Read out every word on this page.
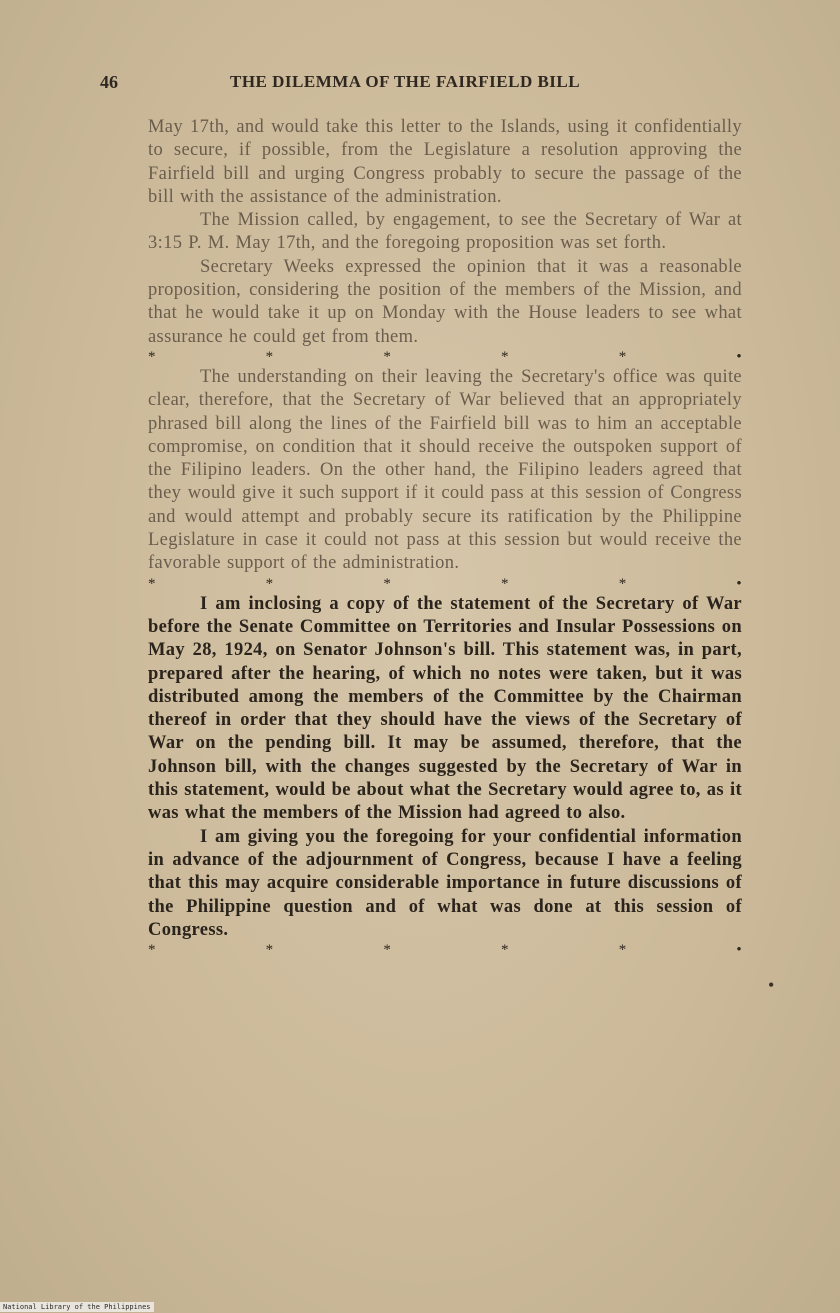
46	THE DILEMMA OF THE FAIRFIELD BILL

May 17th, and would take this letter to the Islands, using it confidentially to secure, if possible, from the Legislature a resolution approving the Fairfield bill and urging Congress probably to secure the passage of the bill with the assistance of the administration.

The Mission called, by engagement, to see the Secretary of War at 3:15 P. M. May 17th, and the foregoing proposition was set forth.

Secretary Weeks expressed the opinion that it was a reasonable proposition, considering the position of the members of the Mission, and that he would take it up on Monday with the House leaders to see what assurance he could get from them.

*	*	*	*	*	•

The understanding on their leaving the Secretary's office was quite clear, therefore, that the Secretary of War believed that an appropriately phrased bill along the lines of the Fairfield bill was to him an acceptable compromise, on condition that it should receive the outspoken support of the Filipino leaders. On the other hand, the Filipino leaders agreed that they would give it such support if it could pass at this session of Congress and would attempt and probably secure its ratification by the Philippine Legislature in case it could not pass at this session but would receive the favorable support of the administration.

*	*	*	*	*	•

I am inclosing a copy of the statement of the Secretary of War before the Senate Committee on Territories and Insular Possessions on May 28, 1924, on Senator Johnson's bill. This statement was, in part, prepared after the hearing, of which no notes were taken, but it was distributed among the members of the Committee by the Chairman thereof in order that they should have the views of the Secretary of War on the pending bill. It may be assumed, therefore, that the Johnson bill, with the changes suggested by the Secretary of War in this statement, would be about what the Secretary would agree to, as it was what the members of the Mission had agreed to also.

I am giving you the foregoing for your confidential information in advance of the adjournment of Congress, because I have a feeling that this may acquire considerable importance in future discussions of the Philippine question and of what was done at this session of Congress.

*	*	*	*	*	•
•
National Library of the Philippines
